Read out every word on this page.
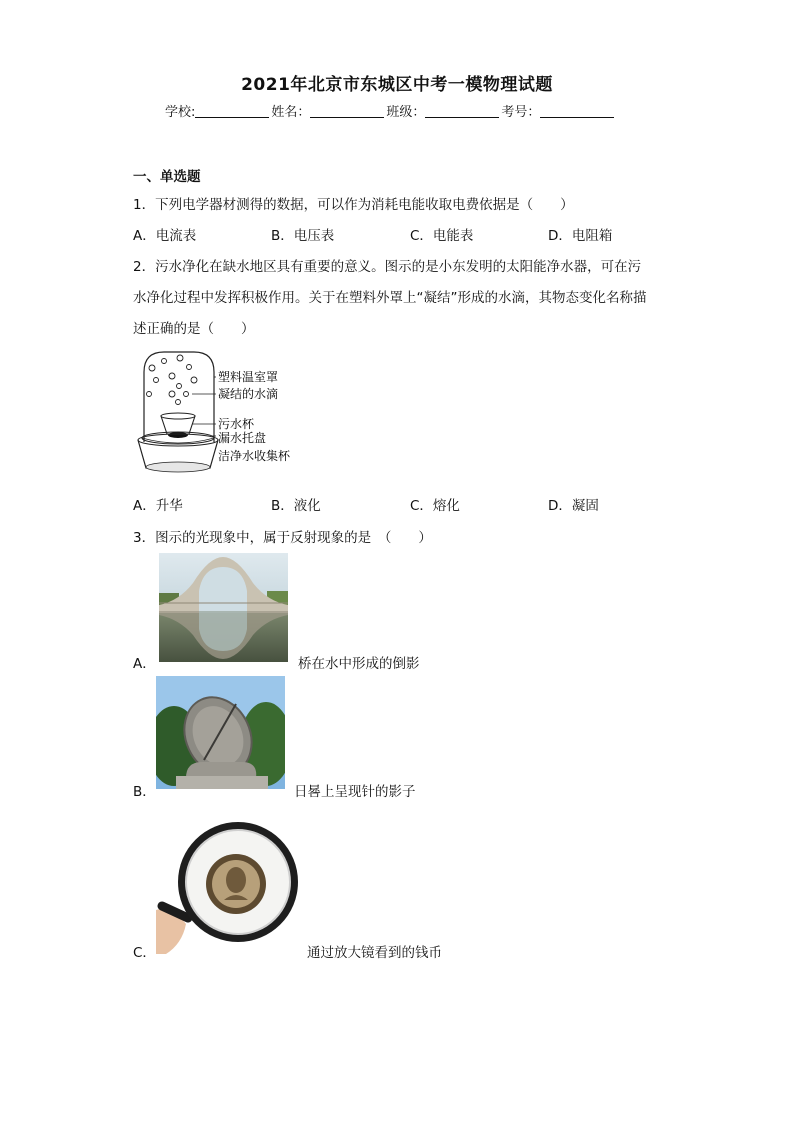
2021年北京市东城区中考一模物理试题
学校:	姓名：	班级：	考号：
一、单选题
1．下列电学器材测得的数据，可以作为消耗电能收取电费依据是（　　）
A．电流表	B．电压表	C．电能表	D．电阻箱
2．污水净化在缺水地区具有重要的意义。图示的是小东发明的太阳能净水器，可在污
水净化过程中发挥积极作用。关于在塑料外罩上“凝结”形成的水滴，其物态变化名称描
述正确的是（　　）
塑料温室罩
凝结的水滴
污水杯
漏水托盘
洁净水收集杯
A．升华	B．液化	C．熔化	D．凝固
3．图示的光现象中，属于反射现象的是　（　　）
A．	桥在水中形成的倒影
B．	日晷上呈现针的影子
C．	通过放大镜看到的钱币
